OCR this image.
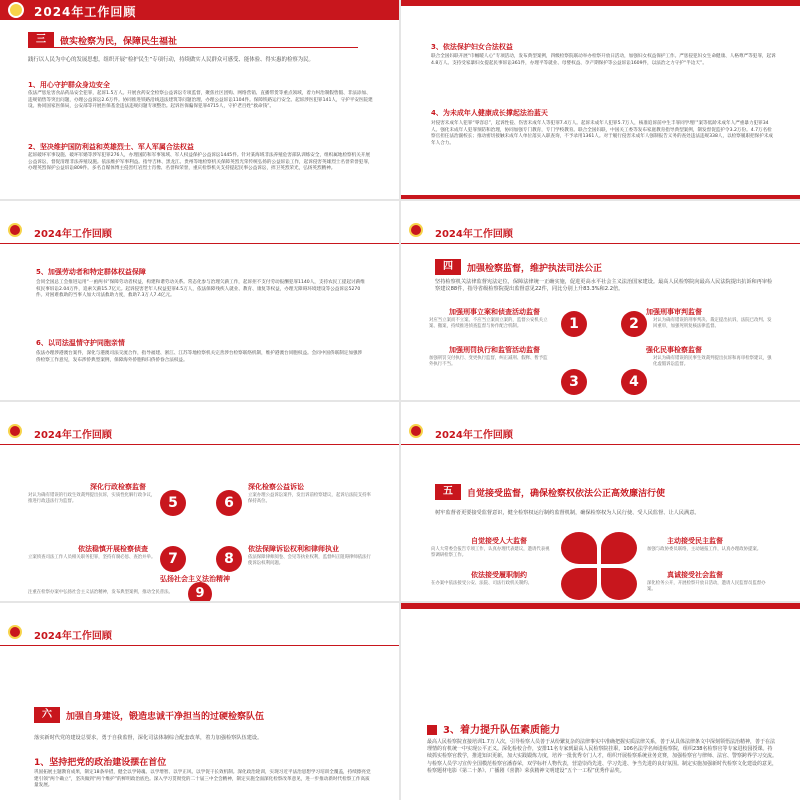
2024年工作回顾
三	做实检察为民，保障民生福祉
践行以人民为中心的发展思想，组织开展“检护民生”专项行动，持续做实人民群众可感受、能体验、得实惠的检察为民。
1、用心守护群众身边安全
依法严惩危害食品药品安全犯罪，起诉1.5万人。开展食药安全检察公益诉讼专项监督，聚焦社区团购、网络营销、直播带货等重点领域，着力纠治制假售假、非法添加、违规销售等突出问题，办理公益诉讼2.6万件。协同推进铁路沿线违法建筑等问题治理，办理公益诉讼1104件。保障铁路运行安全。起诉涉医犯罪141人，守护平安医院建设。协同国家医保局，公安部等开展医保基金违法违规问题专项整治。起诉医保骗保犯罪4715人，守护老百姓“救命钱”。
2、坚决维护国防利益和英雄烈士、军人军属合法权益
起诉破坏军事设施、破坏军婚等涉军犯罪276人，办理国防和军事领域、军人权益保护公益诉讼1445件。针对某海域非法养殖危害部队训练安全，组织属地检察机关开展公益诉讼，督促清理非法养殖设施。依法维护军事利益。指导吉林、黑龙江、贵州等地检察机关保障英烈光荣传统弘扬的公益诉讼工作，起诉侵害英雄烈士名誉荣誉犯罪，办理英烈保护公益诉讼809件。多名自媒体博主侵害红岩烈士肖像、名誉和荣誉，重庆检察机关支持提起民事公益诉讼，捍卫英烈荣光，弘扬英烈精神。
3、依法保护妇女合法权益
联合全国妇联开展“巾帼暖人心”专项活动，发布典型案例，四级检察院联动举办检察开放日活动，加强妇女权益保护工作。严惩侵犯妇女生命健康、人格尊严等犯罪，起诉4.8万人。支持受家暴妇女提起民事诉讼361件，办理平等就业、母婴权益、孕产期保护等公益诉讼1609件，以法治之力守护“半边天”。
4、为未成年人健康成长撑起法治蓝天
对侵害未成年人犯罪“零容忍”，起诉性侵、伤害未成年人等犯罪7.4万人。起诉未成年人犯罪5.7万人，核准追诉前中生丰罪同学埋尸案等低龄未成年人严重暴力犯罪34人。强化未成年人犯罪预防和治理，协同加强专门教育，专门学校教育。联合全国妇联，中国关工委等发布家庭教育指导典型案例，制发督促监护令3.2万份。4.7万名检察官担任法治副校长；推动密切接触未成年人单位落实入职查询，不予录用1361人。对于履行侵害未成年人强制报告义务的查处违法违规338人，以检察履职把保护未成年人合力。
2024年工作回顾
5、加强劳动者和特定群体权益保障
会同全国总工会推进运用“一函两书”保障劳动者权益，构建和谐劳动关系。常态化参与治理欠薪工作，起诉拒不支付劳动报酬犯罪1140人，支持农民工提起讨薪维权民事诉讼2.04万件，追索欠薪15.7亿元。起诉侵害老年人权益犯罪4.5万人，依法保障残疾人就业、教育、康复等权益，办理无障碍环境建设等公益诉讼5270件。对困难救助的当事人加大司法救助力度，救助7.3万人7.4亿元。
6、以司法温情守护同胞亲情
依法办理涉港澳台案件，深化与港澳司法交流合作，指导福建、浙江、江苏等地检察机关完善涉台检察联络机制，维护港澳台同胞权益。会同中国侨联制定加强涉侨检察工作意见，发布涉侨典型案例，保障海外侨胞和归侨侨眷合法权益。
2024年工作回顾
四	加强检察监督，维护执法司法公正
坚持检察机关法律监督宪法定位，保障法律统一正确实施，促进更高水平社会主义法治国家建设。最高人民检察院向最高人民法院提出抗诉和再审检察建议88件，指导省级检察院提出监督意见22件，同比分别上升83.3%和2.2倍。
加强刑事立案和侦查活动监督	加强刑事审判监督
加强刑罚执行和监管活动监督	强化民事检察监督
对应当立案而不立案、不应当立案而立案的，监督公安机关立案、撤案，持续推进侦查监督与协作配合机制。
对认为确有错误的刑事判决、裁定提出抗诉，法院已改判、发回重审，加强死刑复核法律监督。
加强刑罚交付执行、变更执行监督，纠正减刑、假释、暂予监外执行不当。
对认为确有错误的民事生效裁判提出抗诉和再审检察建议，强化虚假诉讼监督。
1	2
3	4
2024年工作回顾
深化行政检察监督
对认为确有错误的行政生效裁判提出抗诉，实质性化解行政争议，推进行政违法行为监督。	5
深化检察公益诉讼
立案办理公益诉讼案件，发出诉前检察建议，起诉后法院支持率保持高位。
6
依法稳慎开展检察侦查
立案侦查司法工作人员相关职务犯罪，坚持有腐必惩、查治并举。 7
依法保障诉讼权利和律师执业
依法保障律师阅卷、会见等执业权利，监督纠正阻碍律师依法行使诉讼权利问题。
8
9
弘扬社会主义法治精神
注重在检察办案中弘扬社会主义法治精神，发布典型案例，推动全民普法。
2024年工作回顾
五	自觉接受监督，确保检察权依法公正高效廉洁行使
树牢监督者更要接受监督意识，健全检察权运行制约监督机制，确保检察权为人民行使、受人民监督、让人民满意。
自觉接受人大监督
向人大常委会报告专项工作，认真办理代表建议，邀请代表视察调研检察工作。
主动接受民主监督
加强与政协委员联络，主动通报工作，认真办理政协提案。
依法接受履职制约
在办案中依法接受公安、法院、司法行政机关制约。
真诚接受社会监督
深化检务公开，开展检察开放日活动，邀请人民监督员监督办案。
2024年工作回顾
六	加强自身建设，锻造忠诚干净担当的过硬检察队伍
落实新时代党的建设总要求，勇于自我监督，深化司法体制综合配套改革，着力加强检察队伍建设。
1、坚持把党的政治建设摆在首位
巩固拓展主题教育成果，制定18条举措，健全以学铸魂、以学增智、以学正风、以学促干长效机制。深化政治轮训，实现习近平法治思想学习培训全覆盖，持续擦亮党建引领“两个确立”，坚决做到“两个维护”的鲜明政治底色。深入学习贯彻党的二十届三中全会精神，制定实施全面深化检察改革意见，进一步推动新时代检察工作高质量发展。
3、着力提升队伍素质能力
最高人民检察院直接培训1.7万人次，引导检察人员善于从纷繁复杂的法律事实中准确把握实质法律关系，善于从具体法律条文中深刻领悟法治精神，善于在法理情的有机统一中实现公平正义。深化检校合作，安排11名专家到最高人民检察院挂职，106名法学名师进检察院，组织238名检察官等专家进校园授课。持续抓实检察官教学，推进知识更新，加大实践锻炼力度，培养一批优秀专门人才，组织开展检察系统业务竞赛，加强检察官与律师、法官、警察跨界学习交流。与检察人员学习宣传全国模范检察官潘春荣，双学标杆人物代表，营造崇尚先进、学习先进、争当先进的良好氛围。制定实施加强新时代检察文化建设的意见，检察题材电影《第二十条》、广播剧《喜鹊》荣获精神文明建设“五个一工程”优秀作品奖。
